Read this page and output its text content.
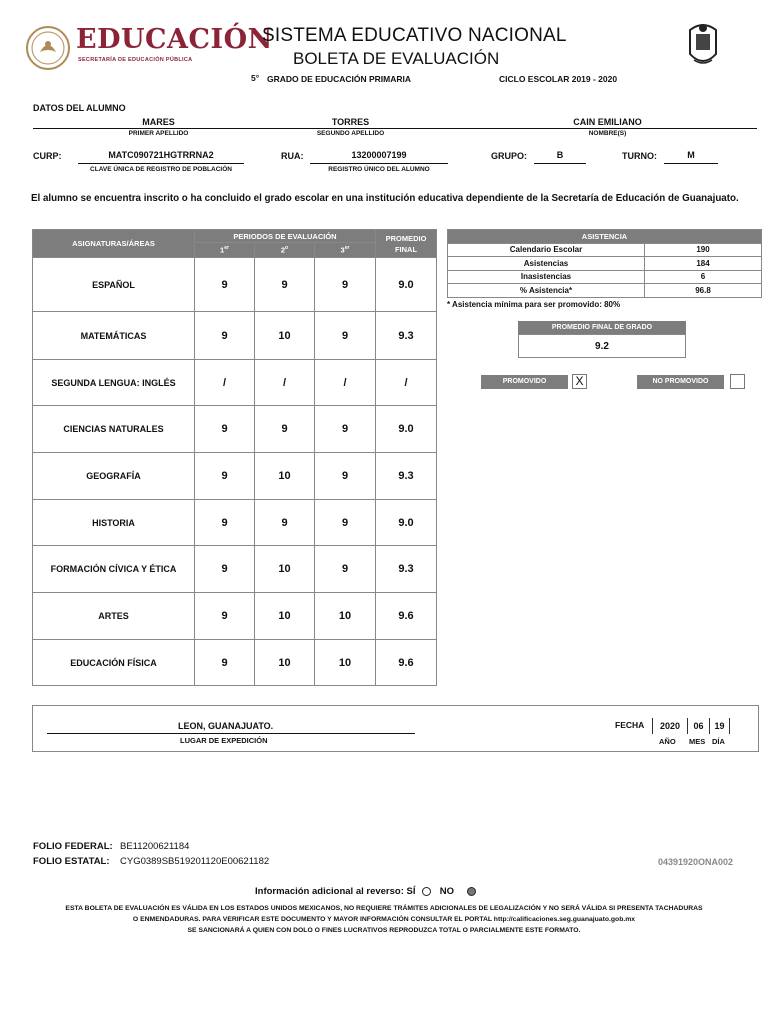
EDUCACIÓN
SECRETARÍA DE EDUCACIÓN PÚBLICA
SISTEMA EDUCATIVO NACIONAL
BOLETA DE EVALUACIÓN
5° GRADO DE EDUCACIÓN PRIMARIA	CICLO ESCOLAR 2019 - 2020
DATOS DEL ALUMNO
MARES	TORRES	CAIN EMILIANO
PRIMER APELLIDO	SEGUNDO APELLIDO	NOMBRE(S)
CURP:	MATC090721HGTRRNA2
CLAVE ÚNICA DE REGISTRO DE POBLACIÓN
RUA:	13200007199
REGISTRO ÚNICO DEL ALUMNO
GRUPO:	B	TURNO:	M
El alumno se encuentra inscrito o ha concluido el grado escolar en una institución educativa dependiente de la Secretaría de Educación de Guanajuato.
ASIGNATURAS/ÁREAS	PERIODOS DE EVALUACIÓN			PROMEDIO FINAL
	1er	2$^o$	3er
ESPAÑOL	9	9	9	9.0
MATEMÁTICAS	9	10	9	9.3
SEGUNDA LENGUA: INGLÉS	/	/	/	/
CIENCIAS NATURALES	9	9	9	9.0
GEOGRAFÍA	9	10	9	9.3
HISTORIA	9	9	9	9.0
FORMACIÓN CÍVICA Y ÉTICA	9	10	9	9.3
ARTES	9	10	10	9.6
EDUCACIÓN FÍSICA	9	10	10	9.6
ASISTENCIA	
Calendario Escolar	190
Asistencias	184
Inasistencias	6
% Asistencia*	96.8
* Asistencia mínima para ser promovido: 80%
PROMEDIO FINAL DE GRADO
9.2
PROMOVIDO	X	NO PROMOVIDO
LEON, GUANAJUATO.
LUGAR DE EXPEDICIÓN
FECHA	2020	06	19
AÑO MES DÍA
FOLIO FEDERAL: BE11200621184
FOLIO ESTATAL: CYG0389SB519201120E00621182	04391920ONA002
Información adicional al reverso: SÍ	NO
ESTA BOLETA DE EVALUACIÓN ES VÁLIDA EN LOS ESTADOS UNIDOS MEXICANOS, NO REQUIERE TRÁMITES ADICIONALES DE LEGALIZACIÓN Y NO SERÁ VÁLIDA SI PRESENTA TACHADURAS
O ENMENDADURAS. PARA VERIFICAR ESTE DOCUMENTO Y MAYOR INFORMACIÓN CONSULTAR EL PORTAL http://calificaciones.seg.guanajuato.gob.mx
SE SANCIONARÁ A QUIEN CON DOLO O FINES LUCRATIVOS REPRODUZCA TOTAL O PARCIALMENTE ESTE FORMATO.
